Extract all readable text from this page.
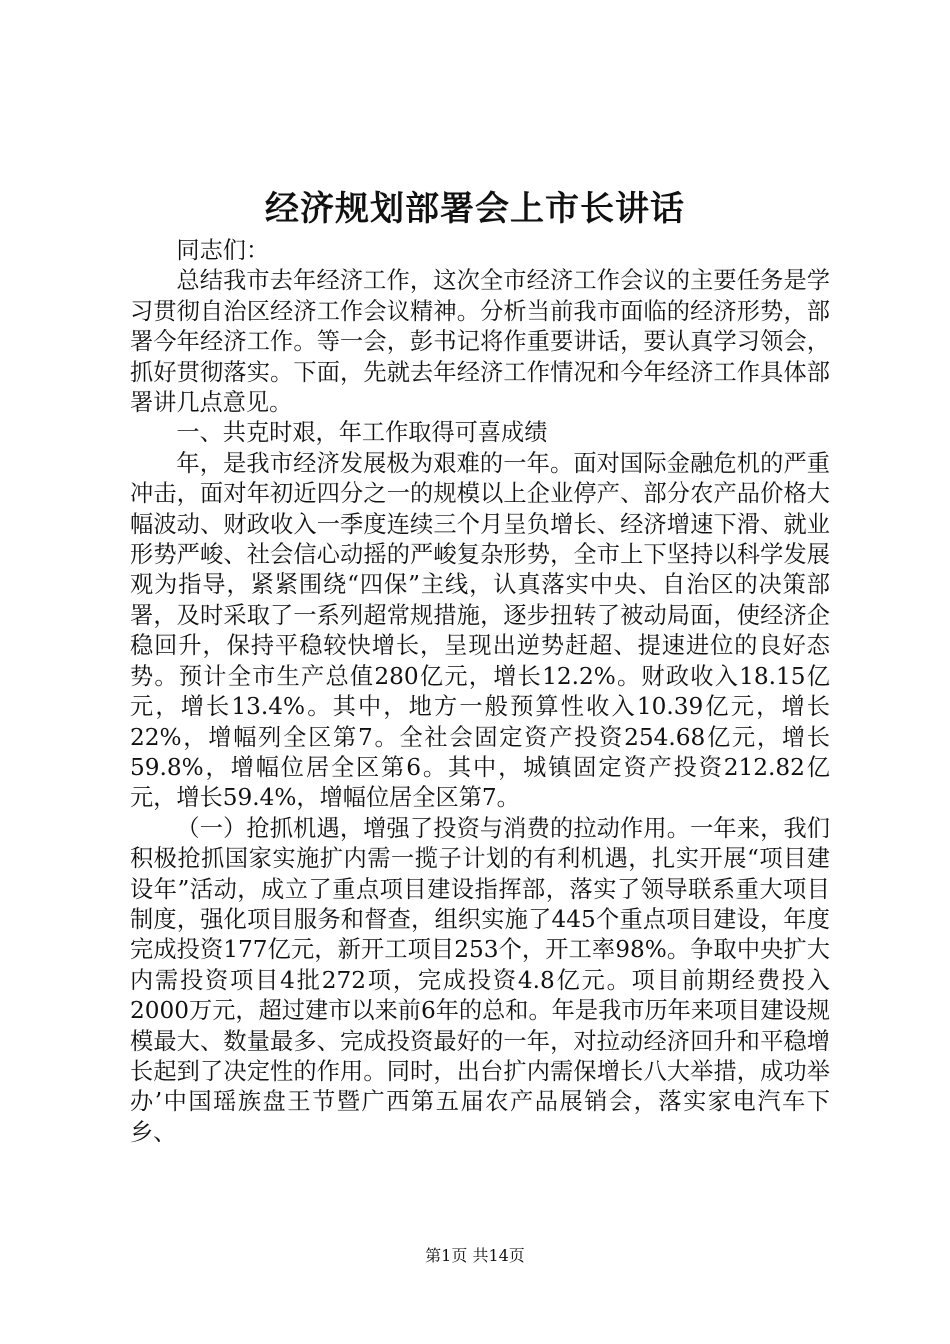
经济规划部署会上市长讲话

同志们：

总结我市去年经济工作，这次全市经济工作会议的主要任务是学习贯彻自治区经济工作会议精神。分析当前我市面临的经济形势，部署今年经济工作。等一会，彭书记将作重要讲话，要认真学习领会，抓好贯彻落实。下面，先就去年经济工作情况和今年经济工作具体部署讲几点意见。

一、共克时艰，年工作取得可喜成绩

年，是我市经济发展极为艰难的一年。面对国际金融危机的严重冲击，面对年初近四分之一的规模以上企业停产、部分农产品价格大幅波动、财政收入一季度连续三个月呈负增长、经济增速下滑、就业形势严峻、社会信心动摇的严峻复杂形势，全市上下坚持以科学发展观为指导，紧紧围绕“四保”主线，认真落实中央、自治区的决策部署，及时采取了一系列超常规措施，逐步扭转了被动局面，使经济企稳回升，保持平稳较快增长，呈现出逆势赶超、提速进位的良好态势。预计全市生产总值280亿元，增长12.2%。财政收入18.15亿元，增长13.4%。其中，地方一般预算性收入10.39亿元，增长22%，增幅列全区第7。全社会固定资产投资254.68亿元，增长59.8%，增幅位居全区第6。其中，城镇固定资产投资212.82亿元，增长59.4%，增幅位居全区第7。

（一）抢抓机遇，增强了投资与消费的拉动作用。一年来，我们积极抢抓国家实施扩内需一揽子计划的有利机遇，扎实开展“项目建设年”活动，成立了重点项目建设指挥部，落实了领导联系重大项目制度，强化项目服务和督查，组织实施了445个重点项目建设，年度完成投资177亿元，新开工项目253个，开工率98%。争取中央扩大内需投资项目4批272项，完成投资4.8亿元。项目前期经费投入2000万元，超过建市以来前6年的总和。年是我市历年来项目建设规模最大、数量最多、完成投资最好的一年，对拉动经济回升和平稳增长起到了决定性的作用。同时，出台扩内需保增长八大举措，成功举办’中国瑶族盘王节暨广西第五届农产品展销会，落实家电汽车下乡、

第1页 共14页
